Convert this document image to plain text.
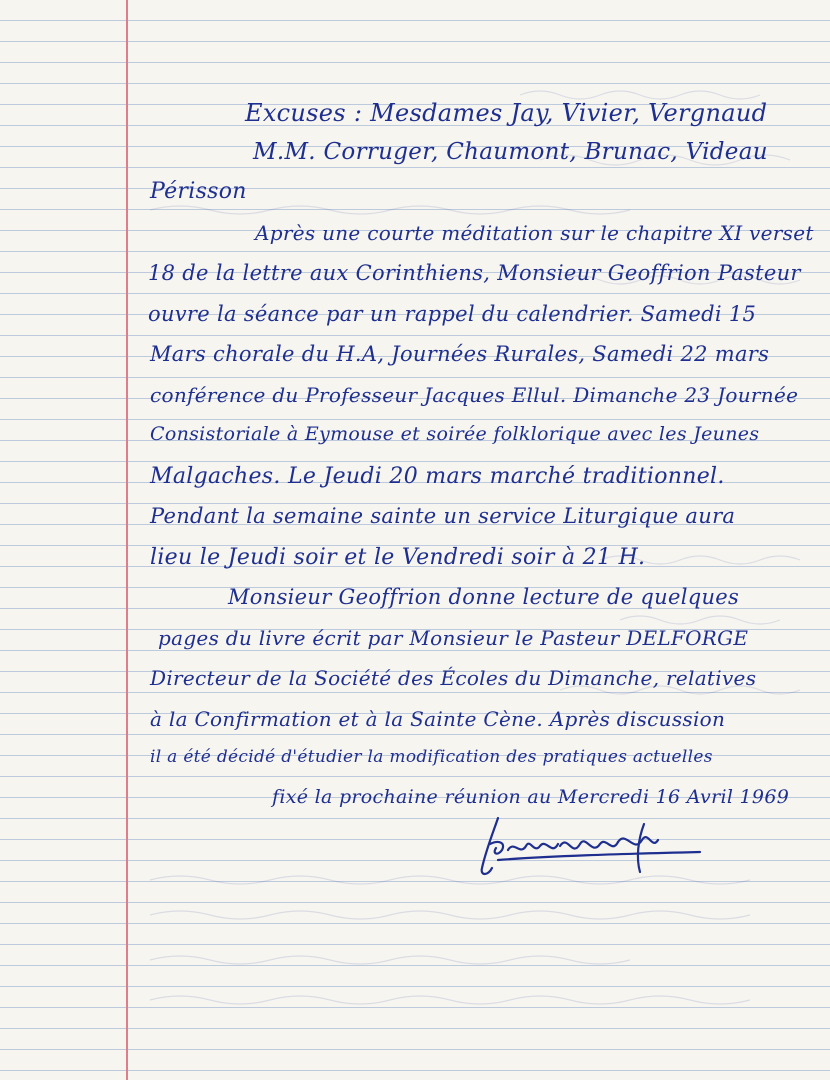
Excuses : Mesdames Jay, Vivier, Vergnaud
M.M. Corruger, Chaumont, Brunac, Videau
Périsson
Après une courte méditation sur le chapitre XI verset
18 de la lettre aux Corinthiens, Monsieur Geoffrion Pasteur
ouvre la séance par un rappel du calendrier. Samedi 15
Mars chorale du H.A, Journées Rurales, Samedi 22 mars
conférence du Professeur Jacques Ellul. Dimanche 23 Journée
Consistoriale à Eymouse et soirée folklorique avec les Jeunes
Malgaches. Le Jeudi 20 mars marché traditionnel.
Pendant la semaine sainte un service Liturgique aura
lieu le Jeudi soir et le Vendredi soir à 21 H.
Monsieur Geoffrion donne lecture de quelques
pages du livre écrit par Monsieur le Pasteur DELFORGE
Directeur de la Société des Écoles du Dimanche, relatives
à la Confirmation et à la Sainte Cène. Après discussion
il a été décidé d'étudier la modification des pratiques actuelles
fixé la prochaine réunion au Mercredi 16 Avril 1969
